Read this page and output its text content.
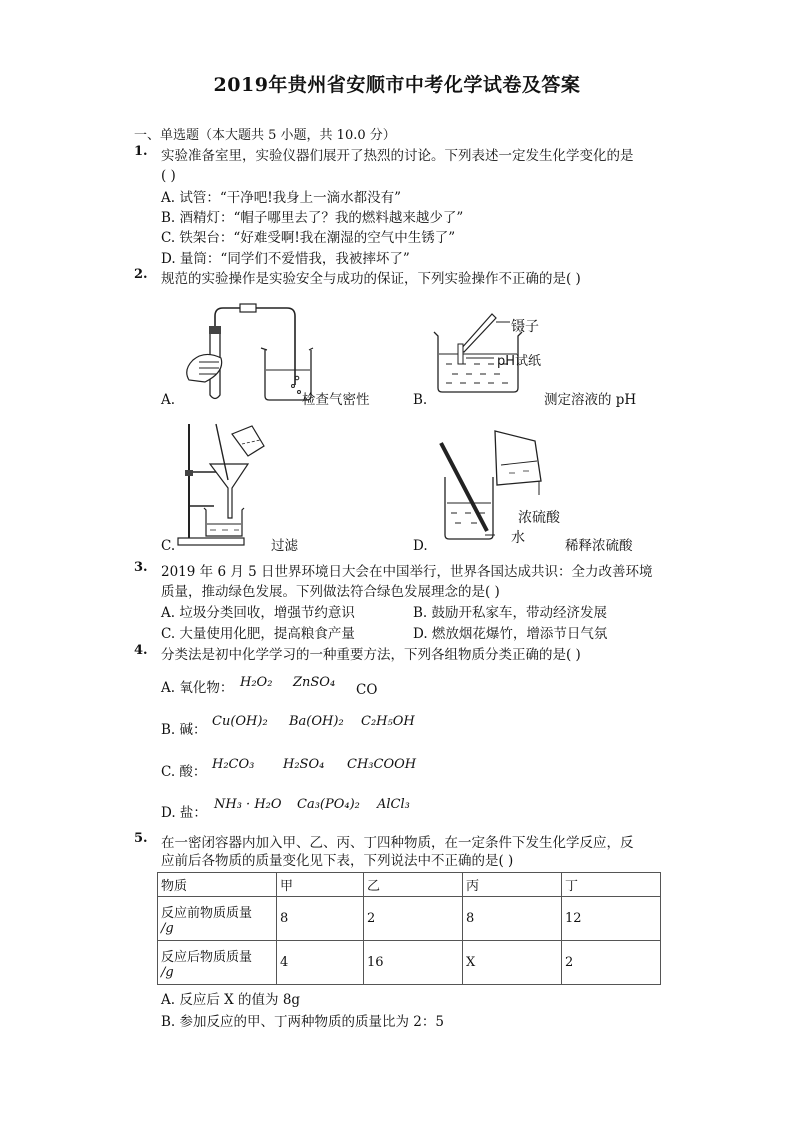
2019年贵州省安顺市中考化学试卷及答案
一、单选题（本大题共 5 小题，共 10.0 分）
1. 实验准备室里，实验仪器们展开了热烈的讨论。下列表述一定发生化学变化的是
( )
A. 试管：“干净吧!我身上一滴水都没有”
B. 酒精灯：“帽子哪里去了？我的燃料越来越少了”
C. 铁架台：“好难受啊!我在潮湿的空气中生锈了”
D. 量筒：“同学们不爱惜我，我被摔坏了”
2. 规范的实验操作是实验安全与成功的保证，下列实验操作不正确的是( )
A.	检查气密性
镊子
pH试纸
B.	测定溶液的 pH
C.	过滤
浓硫酸
水
D.	稀释浓硫酸
3. 2019 年 6 月 5 日世界环境日大会在中国举行，世界各国达成共识：全力改善环境
质量，推动绿色发展。下列做法符合绿色发展理念的是( )
A. 垃圾分类回收，增强节约意识	B. 鼓励开私家车，带动经济发展
C. 大量使用化肥，提高粮食产量	D. 燃放烟花爆竹，增添节日气氛
4. 分类法是初中化学学习的一种重要方法，下列各组物质分类正确的是( )
A. 氧化物： H₂O₂ ZnSO₄ CO
B. 碱：
Cu(OH)₂ Ba(OH)₂ C₂H₅OH
C. 酸： H₂CO₃ H₂SO₄ CH₃COOH
D. 盐：
NH₃ · H₂O Ca₃(PO₄)₂ AlCl₃
5. 在一密闭容器内加入甲、乙、丙、丁四种物质，在一定条件下发生化学反应，反
应前后各物质的质量变化见下表，下列说法中不正确的是( )
物质	甲	乙	丙	丁
反应前物质质量
/g	8	2	8	12
反应后物质质量
/g	4	16	X	2
A. 反应后 X 的值为 8g
B. 参加反应的甲、丁两种物质的质量比为 2：5
